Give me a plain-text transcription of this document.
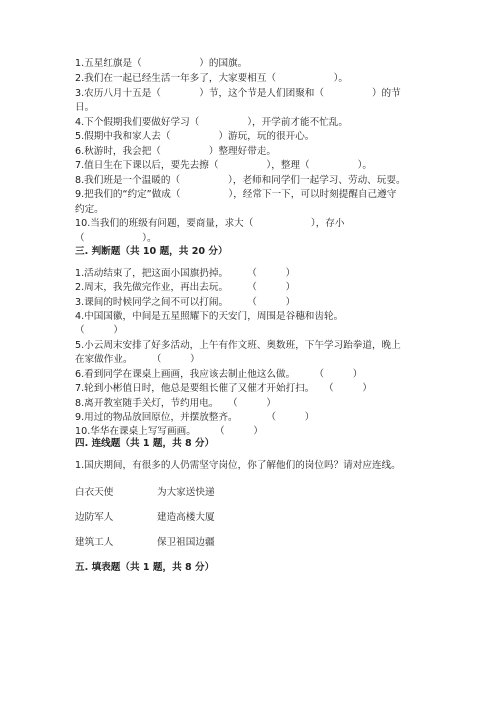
1.五星红旗是（　　　　　　）的国旗。
2.我们在一起已经生活一年多了，大家要相互（　　　　　　）。
3.农历八月十五是（　　　　）节，这个节是人们团聚和（　　　　　）的节
日。
4.下个假期我们要做好学习（　　　　　），开学前才能不忙乱。
5.假期中我和家人去（　　　　　）游玩，玩的很开心。
6.秋游时，我会把（　　　　　）整理好带走。
7.值日生在下课以后，要先去擦（　　　　　），整理（　　　　　）。
8.我们班是一个温暖的（　　　　　），老师和同学们一起学习、劳动、玩耍。
9.把我们的“约定”做成（　　　　　），经常下一下，可以时刻提醒自己遵守
约定。
10.当我们的班级有问题，要商量，求大（　　　　　　），存小
（　　　　　　）。
三. 判断题（共 10 题，共 20 分）
1.活动结束了，把这面小国旗扔掉。　　　（　　　）
2.周末，我先做完作业，再出去玩。　　　（　　　）
3.课间的时候同学之间不可以打闹。　　　（　　　）
4.中国国徽，中间是五星照耀下的天安门，周围是谷穗和齿轮。
（　　　）
5.小云周末安排了好多活动，上午有作文班、奥数班，下午学习跆拳道，晚上
在家做作业。　　　（　　　）
6.看到同学在课桌上画画，我应该去制止他这么做。　　　（　　　）
7.轮到小彬值日时，他总是要组长催了又催才开始打扫。　　（　　　）
8.离开教室随手关灯，节约用电。　　（　　　）
9.用过的物品放回原位，并摆放整齐。　　　　（　　　）
10.华华在课桌上写写画画。　　　（　　　）
四. 连线题（共 1 题，共 8 分）
1.国庆期间，有很多的人仍需坚守岗位，你了解他们的岗位吗？请对应连线。
白衣天使	为大家送快递
边防军人	建造高楼大厦
建筑工人	保卫祖国边疆
五. 填表题（共 1 题，共 8 分）
